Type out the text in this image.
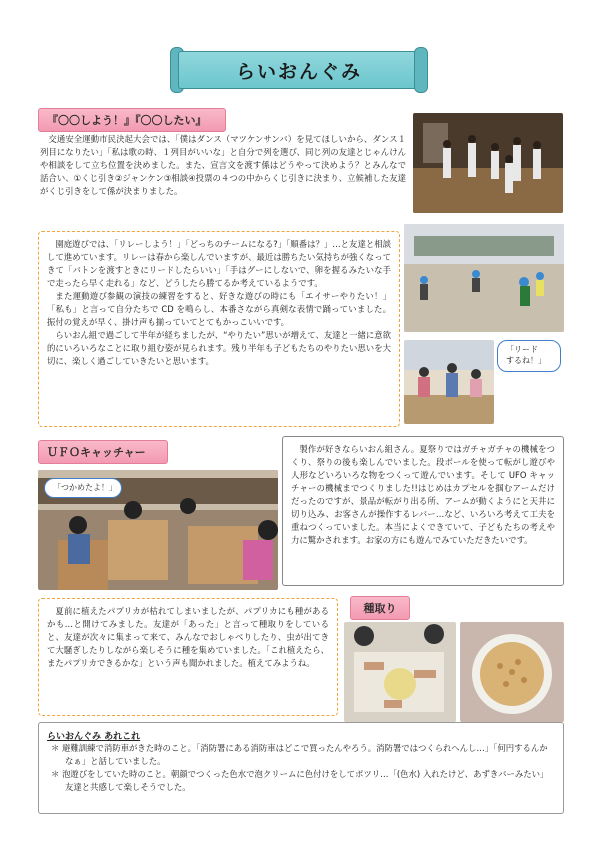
らいおんぐみ
『〇〇しよう！』『〇〇したい』

交通安全運動市民決起大会では、「僕はダンス（マツケンサンバ）を見てほしいから、ダンス１列目になりたい」「私は歌の時、１列目がいいな」と自分で列を選び、同じ列の友達とじゃんけんや相談をして立ち位置を決めました。また、宣言文を渡す係はどうやって決めよう？とみんなで話合い、①くじ引き②ジャンケン③相談④投票の４つの中からくじ引きに決まり、立候補した友達がくじ引きをして係が決まりました。

園庭遊びでは、「リレーしよう！」「どっちのチームになる?」「順番は？」…と友達と相談して進めています。リレーは春から楽しんでいますが、最近は勝ちたい気持ちが強くなってきて「バトンを渡すときにリードしたらいい」「手はグーにしないで、卵を握るみたいな手で走ったら早く走れる」など、どうしたら勝てるか考えているようです。

また運動遊び参観の演技の練習をすると、好きな遊びの時にも「エイサーやりたい！」「私も」と言って自分たちで CD を鳴らし、本番さながら真剣な表情で踊っていました。振付の覚えが早く、掛け声も揃っていてとてもかっこいいです。

らいおん組で過ごして半年が経ちましたが、“やりたい”思いが増えて、友達と一緒に意欲的にいろいろなことに取り組む姿が見られます。残り半年も子どもたちのやりたい思いを大切に、楽しく過ごしていきたいと思います。

「リード
するね！」
ＵＦＯキャッチャー
「つかめたよ！」

製作が好きならいおん組さん。夏祭りではガチャガチャの機械をつくり、祭りの後も楽しんでいました。段ボールを使って転がし遊びや人形などいろいろな物をつくって遊んでいます。そして UFO キャッチャーの機械までつくりました!!はじめはカプセルを掴むアームだけだったのですが、景品が転がり出る所、アームが動くようにと天井に切り込み、お客さんが操作するレバー…など、いろいろ考えて工夫を重ねつくっていました。本当によくできていて、子どもたちの考えや力に驚かされます。お家の方にも遊んでみていただきたいです。

夏前に植えたパプリカが枯れてしまいましたが、パプリカにも種があるかも…と開けてみました。友達が「あった」と言って種取りをしていると、友達が次々に集まって来て、みんなでおしゃべりしたり、虫が出てきて大騒ぎしたりしながら楽しそうに種を集めていました。「これ植えたら、またパプリカできるかな」という声も聞かれました。植えてみようね。

種取り
らいおんぐみ あれこれ

＊ 避難訓練で消防車がきた時のこと。「消防署にある消防車はどこで買ったんやろう。消防署ではつくられへんし…」「何円するんかなぁ」と話していました。

＊ 泡遊びをしていた時のこと。朝顔でつくった色水で泡クリームに色付けをしてポツリ…「(色水) 入れたけど、あずきバーみたい」友達と共感して楽しそうでした。
